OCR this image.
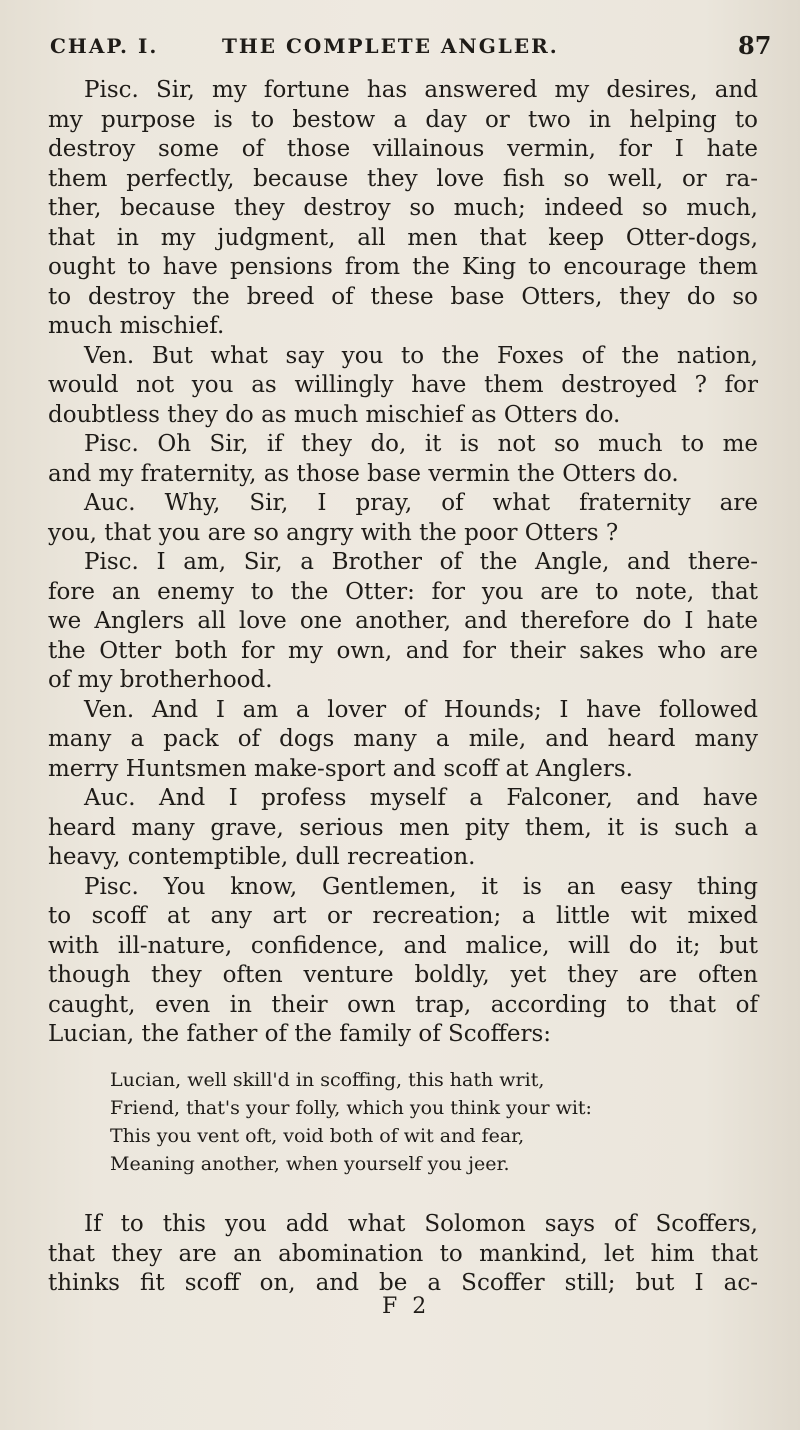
CHAP. I.	THE COMPLETE ANGLER.	87
Pisc. Sir, my fortune has answered my desires, and
my purpose is to bestow a day or two in helping to
destroy some of those villainous vermin, for I hate
them perfectly, because they love fish so well, or ra-
ther, because they destroy so much; indeed so much,
that in my judgment, all men that keep Otter-dogs,
ought to have pensions from the King to encourage them
to destroy the breed of these base Otters, they do so
much mischief.
Ven. But what say you to the Foxes of the nation,
would not you as willingly have them destroyed ? for
doubtless they do as much mischief as Otters do.
Pisc. Oh Sir, if they do, it is not so much to me
and my fraternity, as those base vermin the Otters do.
Auc. Why, Sir, I pray, of what fraternity are
you, that you are so angry with the poor Otters ?
Pisc. I am, Sir, a Brother of the Angle, and there-
fore an enemy to the Otter: for you are to note, that
we Anglers all love one another, and therefore do I hate
the Otter both for my own, and for their sakes who are
of my brotherhood.
Ven. And I am a lover of Hounds; I have followed
many a pack of dogs many a mile, and heard many
merry Huntsmen make-sport and scoff at Anglers.
Auc. And I profess myself a Falconer, and have
heard many grave, serious men pity them, it is such a
heavy, contemptible, dull recreation.
Pisc. You know, Gentlemen, it is an easy thing
to scoff at any art or recreation; a little wit mixed
with ill-nature, confidence, and malice, will do it; but
though they often venture boldly, yet they are often
caught, even in their own trap, according to that of
Lucian, the father of the family of Scoffers:
Lucian, well skill'd in scoffing, this hath writ,
Friend, that's your folly, which you think your wit:
This you vent oft, void both of wit and fear,
Meaning another, when yourself you jeer.
If to this you add what Solomon says of Scoffers,
that they are an abomination to mankind, let him that
thinks fit scoff on, and be a Scoffer still; but I ac-
F 2
